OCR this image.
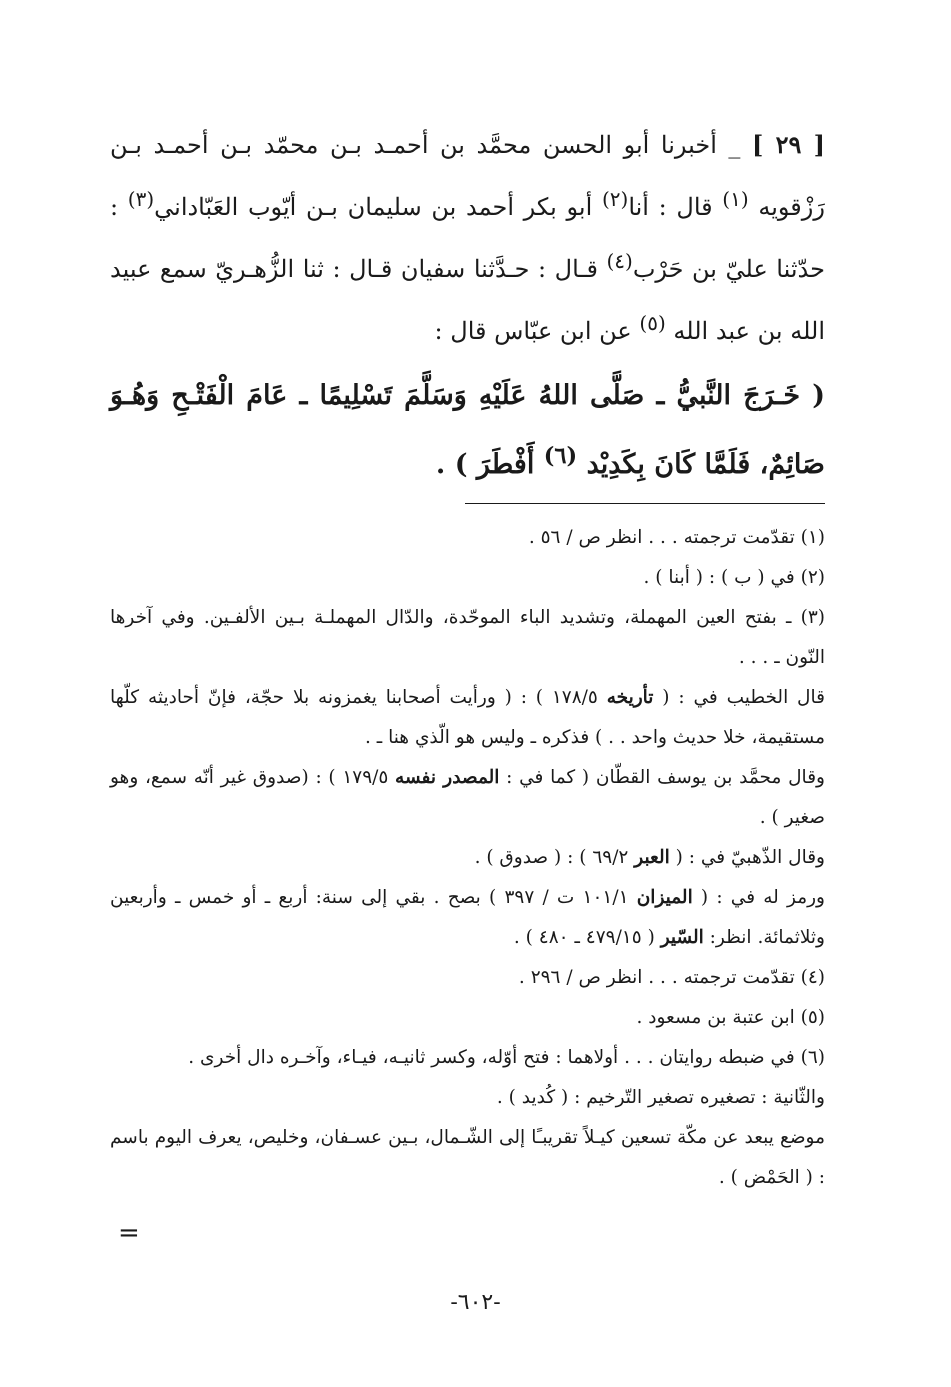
[ ٢٩ ] _ أخبرنا أبو الحسن محمَّد بن أحمـد بـن محمّد بـن أحمـد بـن رَزْقويه $^{(١)}$ قال : أنا$^{(٢)}$ أبو بكر أحمد بن سليمان بـن أيّوب العَبّاداني$^{(٣)}$ : حدّثنا عليّ بن حَرْب$^{(٤)}$ قـال : حـدَّثنا سفيان قـال : ثنا الزُّهـريّ سمع عبيد الله بن عبد الله $^{(٥)}$ عن ابن عبّاس قال :

( خَـرَجَ النَّبيُّ ـ صَلَّى اللهُ عَلَيْهِ وَسَلَّمَ تَسْلِيمًا ـ عَامَ الْفَتْـحِ وَهُـوَ صَائِمٌ، فَلَمَّا كَانَ بِكَدِيْد $^{(٦)}$ أَفْطَرَ ) .

(١) تقدّمت ترجمته . . . انظر ص / ٥٦ .

(٢) في ( ب ) : ( أبنا ) .

(٣) ـ بفتح العين المهملة، وتشديد الباء الموحّدة، والدّال المهملـة بـين الألفـين. وفي آخرها النّون ـ . . .

قال الخطيب في : ( تأريخه ١٧٨/٥ ) : ( ورأيت أصحابنا يغمزونه بلا حجّة، فإنّ أحاديثه كلّها مستقيمة، خلا حديث واحد . . ) فذكره ـ وليس هو الّذي هنا ـ .

وقال محمَّد بن يوسف القطّان ( كما في : المصدر نفسه ١٧٩/٥ ) : (صدوق غير أنّه سمع، وهو صغير ) .

وقال الذّهبيّ في : ( العبر ٦٩/٢ ) : ( صدوق ) .

ورمز له في : ( الميزان ١٠١/١ ت / ٣٩٧ ) بصح . بقي إلى سنة: أربع ـ أو خمس ـ وأربعين وثلاثمائة. انظر: السّير ( ٤٧٩/١٥ ـ ٤٨٠ ) .

(٤) تقدّمت ترجمته . . . انظر ص / ٢٩٦ .

(٥) ابن عتبة بن مسعود .

(٦) في ضبطه روايتان . . . أولاهما : فتح أوّله، وكسر ثانيـه، فيـاء، وآخـره دال أخرى .

والثّانية : تصغيره تصغير التّرخيم : ( كُديد ) .

موضع يبعد عن مكّة تسعين كيـلاً تقريبـًا إلى الشّـمال، بـين عسـفان، وخليص، يعرف اليوم باسم : ( الحَمْض ) .

=
-٦٠٢-
